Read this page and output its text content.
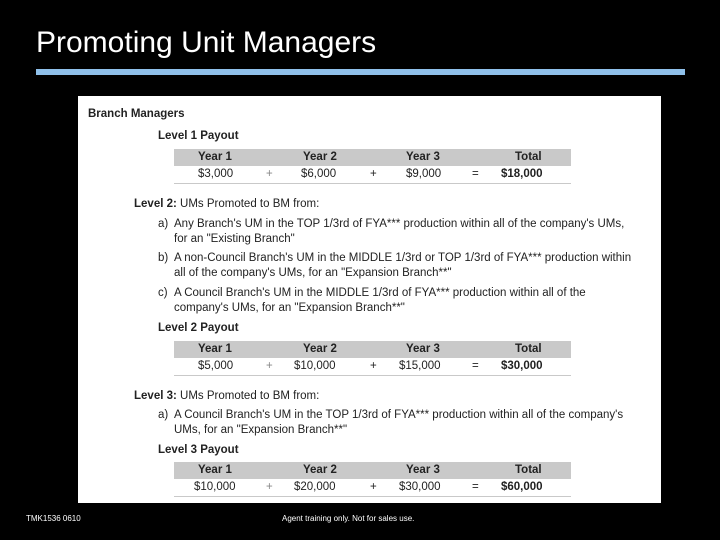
Promoting Unit Managers
Branch Managers
Level 1 Payout
Year 1	Year 2	Year 3	Total
$3,000	+ $6,000	+	$9,000	= $18,000
Level 2: UMs Promoted to BM from:
a) Any Branch's UM in the TOP 1/3rd of FYA*** production within all of the company's UMs,
for an "Existing Branch"
b) A non-Council Branch's UM in the MIDDLE 1/3rd or TOP 1/3rd of FYA*** production within
all of the company's UMs, for an "Expansion Branch**"
c) A Council Branch's UM in the MIDDLE 1/3rd of FYA*** production within all of the
company's UMs, for an "Expansion Branch**"
Level 2 Payout
Year 1	Year 2	Year 3	Total
$5,000	+ $10,000	+ $15,000	= $30,000
Level 3: UMs Promoted to BM from:
a) A Council Branch's UM in the TOP 1/3rd of FYA*** production within all of the company's
UMs, for an "Expansion Branch**"
Level 3 Payout
Year 1	Year 2	Year 3	Total
$10,000	+ $20,000	+ $30,000	= $60,000
TMK1536 0610	Agent training only. Not for sales use.
